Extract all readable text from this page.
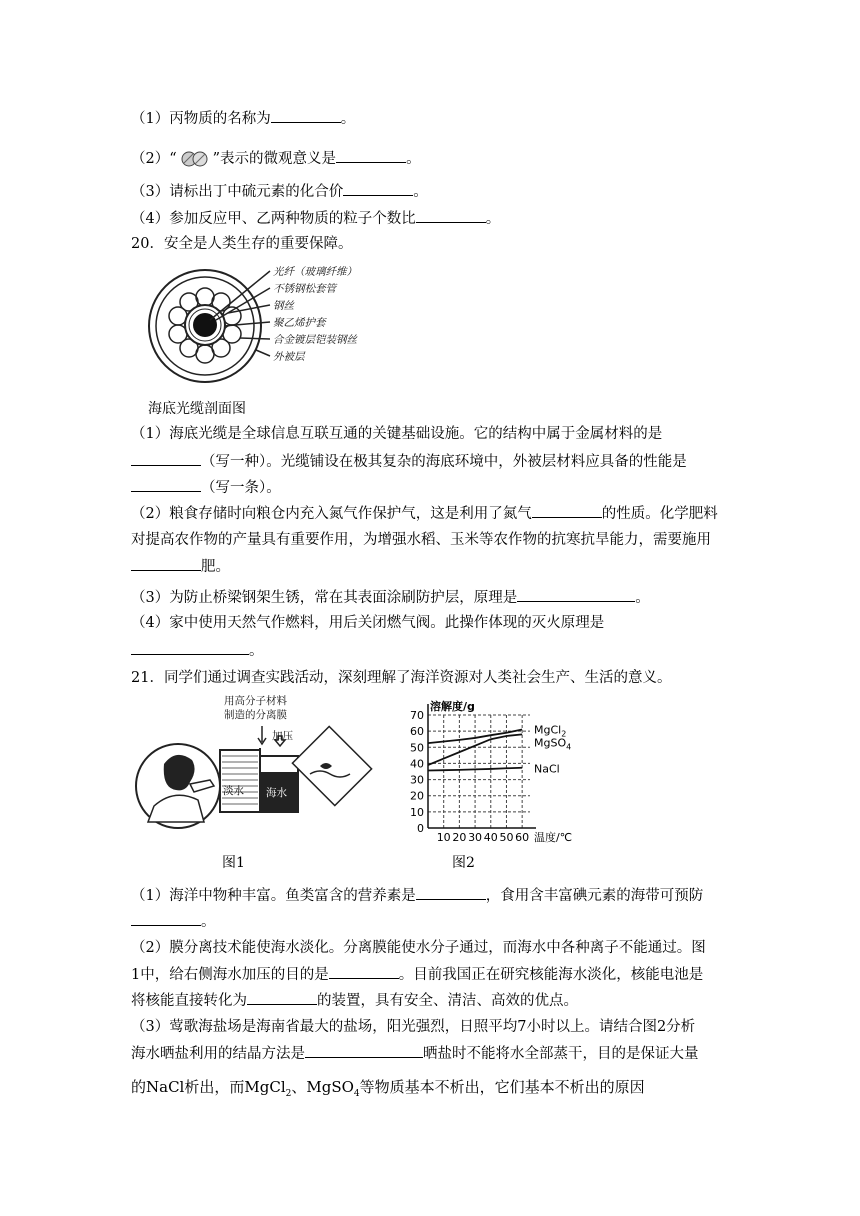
（1）丙物质的名称为	。
（2）“ ”表示的微观意义是	。
（3）请标出丁中硫元素的化合价	。
（4）参加反应甲、乙两种物质的粒子个数比	。
20．安全是人类生存的重要保障。
光纤（玻璃纤维）
不锈钢松套管
钢丝
聚乙烯护套
合金镀层铠装钢丝
外被层
海底光缆剖面图
（1）海底光缆是全球信息互联互通的关键基础设施。它的结构中属于金属材料的是
（写一种）。光缆铺设在极其复杂的海底环境中，外被层材料应具备的性能是
（写一条）。
（2）粮食存储时向粮仓内充入氮气作保护气，这是利用了氮气	的性质。化学肥料
对提高农作物的产量具有重要作用，为增强水稻、玉米等农作物的抗寒抗旱能力，需要施用
肥。
（3）为防止桥梁钢架生锈，常在其表面涂刷防护层，原理是	。
（4）家中使用天然气作燃料，用后关闭燃气阀。此操作体现的灭火原理是
。
21．同学们通过调查实践活动，深刻理解了海洋资源对人类社会生产、生活的意义。
用高分子材料
制造的分离膜
加压
淡水 海水
图1
0
10
20
30
40
50
60
70
10 20 30 40 50 60
溶解度/g
温度/℃
MgCl$_2$
MgSO$_4$
NaCl
图2
（1）海洋中物种丰富。鱼类富含的营养素是	，食用含丰富碘元素的海带可预防
。
（2）膜分离技术能使海水淡化。分离膜能使水分子通过，而海水中各种离子不能通过。图
1中，给右侧海水加压的目的是	。目前我国正在研究核能海水淡化，核能电池是
将核能直接转化为	的装置，具有安全、清洁、高效的优点。
（3）莺歌海盐场是海南省最大的盐场，阳光强烈，日照平均7小时以上。请结合图2分析
海水晒盐利用的结晶方法是	晒盐时不能将水全部蒸干，目的是保证大量
的NaCl析出，而MgCl$_2$、MgSO$_4$等物质基本不析出，它们基本不析出的原因
